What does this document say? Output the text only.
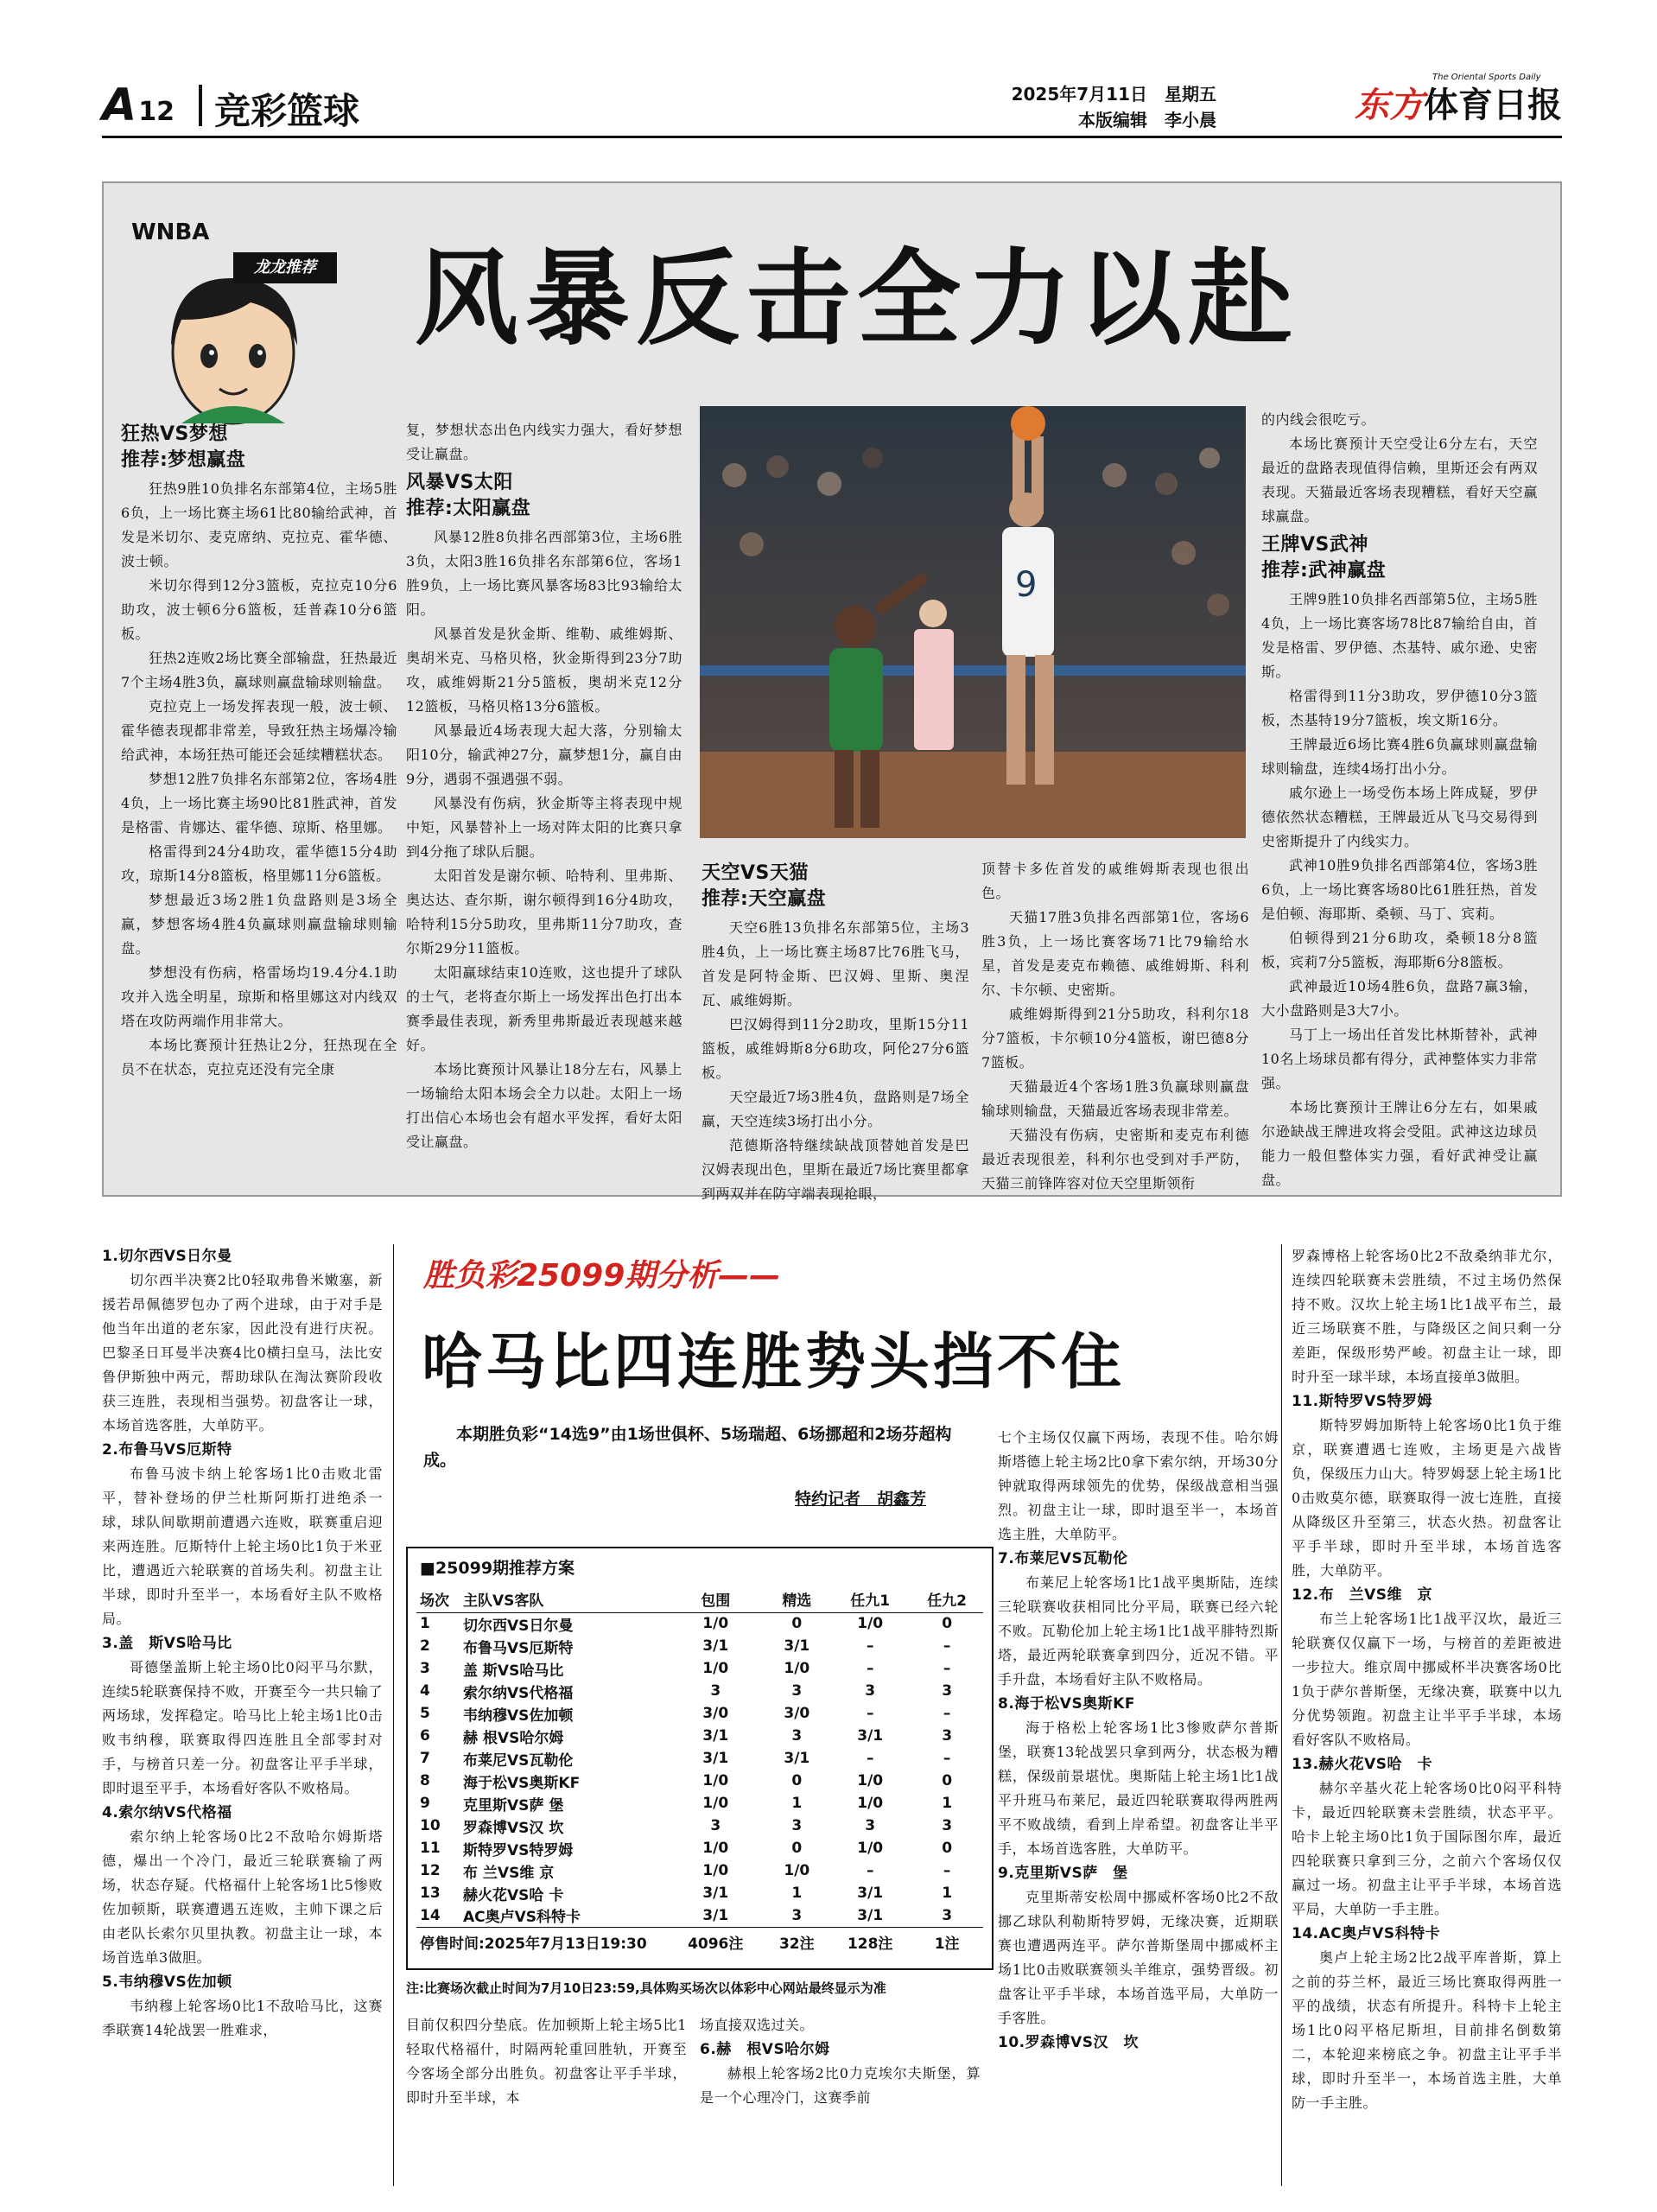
A12 竞彩篮球	2025年7月11日　星期五
本版编辑　李小晨
The Oriental Sports Daily
东方体育日报
WNBA
龙龙推荐 风暴反击全力以赴
狂热VS梦想
推荐:梦想赢盘

狂热9胜10负排名东部第4位，主场5胜6负，上一场比赛主场61比80输给武神，首发是米切尔、麦克席纳、克拉克、霍华德、波士顿。

米切尔得到12分3篮板，克拉克10分6助攻，波士顿6分6篮板，廷普森10分6篮板。

狂热2连败2场比赛全部输盘，狂热最近7个主场4胜3负，赢球则赢盘输球则输盘。

克拉克上一场发挥表现一般，波士顿、霍华德表现都非常差，导致狂热主场爆冷输给武神，本场狂热可能还会延续糟糕状态。

梦想12胜7负排名东部第2位，客场4胜4负，上一场比赛主场90比81胜武神，首发是格雷、肯娜达、霍华德、琼斯、格里娜。

格雷得到24分4助攻，霍华德15分4助攻，琼斯14分8篮板，格里娜11分6篮板。

梦想最近3场2胜1负盘路则是3场全赢，梦想客场4胜4负赢球则赢盘输球则输盘。

梦想没有伤病，格雷场均19.4分4.1助攻并入选全明星，琼斯和格里娜这对内线双塔在攻防两端作用非常大。

本场比赛预计狂热让2分，狂热现在全员不在状态，克拉克还没有完全康

复，梦想状态出色内线实力强大，看好梦想受让赢盘。

风暴VS太阳
推荐:太阳赢盘

风暴12胜8负排名西部第3位，主场6胜3负，太阳3胜16负排名东部第6位，客场1胜9负，上一场比赛风暴客场83比93输给太阳。

风暴首发是狄金斯、维勒、戚维姆斯、奥胡米克、马格贝格，狄金斯得到23分7助攻，戚维姆斯21分5篮板，奥胡米克12分12篮板，马格贝格13分6篮板。

风暴最近4场表现大起大落，分别输太阳10分，输武神27分，赢梦想1分，赢自由9分，遇弱不强遇强不弱。

风暴没有伤病，狄金斯等主将表现中规中矩，风暴替补上一场对阵太阳的比赛只拿到4分拖了球队后腿。

太阳首发是谢尔顿、哈特利、里弗斯、奥达达、查尔斯，谢尔顿得到16分4助攻，哈特利15分5助攻，里弗斯11分7助攻，查尔斯29分11篮板。

太阳赢球结束10连败，这也提升了球队的士气，老将查尔斯上一场发挥出色打出本赛季最佳表现，新秀里弗斯最近表现越来越好。

本场比赛预计风暴让18分左右，风暴上一场输给太阳本场会全力以赴。太阳上一场打出信心本场也会有超水平发挥，看好太阳受让赢盘。

天空VS天猫
推荐:天空赢盘

天空6胜13负排名东部第5位，主场3胜4负，上一场比赛主场87比76胜飞马，首发是阿特金斯、巴汉姆、里斯、奥涅瓦、戚维姆斯。

巴汉姆得到11分2助攻，里斯15分11篮板，戚维姆斯8分6助攻，阿伦27分6篮板。

天空最近7场3胜4负，盘路则是7场全赢，天空连续3场打出小分。

范德斯洛特继续缺战顶替她首发是巴汉姆表现出色，里斯在最近7场比赛里都拿到两双并在防守端表现抢眼，

顶替卡多佐首发的戚维姆斯表现也很出色。

天猫17胜3负排名西部第1位，客场6胜3负，上一场比赛客场71比79输给水星，首发是麦克布赖德、戚维姆斯、科利尔、卡尔顿、史密斯。

戚维姆斯得到21分5助攻，科利尔18分7篮板，卡尔顿10分4篮板，谢巴德8分7篮板。

天猫最近4个客场1胜3负赢球则赢盘输球则输盘，天猫最近客场表现非常差。

天猫没有伤病，史密斯和麦克布利德最近表现很差，科利尔也受到对手严防，天猫三前锋阵容对位天空里斯领衔

的内线会很吃亏。

本场比赛预计天空受让6分左右，天空最近的盘路表现值得信赖，里斯还会有两双表现。天猫最近客场表现糟糕，看好天空赢球赢盘。

王牌VS武神
推荐:武神赢盘

王牌9胜10负排名西部第5位，主场5胜4负，上一场比赛客场78比87输给自由，首发是格雷、罗伊德、杰基特、戚尔逊、史密斯。

格雷得到11分3助攻，罗伊德10分3篮板，杰基特19分7篮板，埃文斯16分。

王牌最近6场比赛4胜6负赢球则赢盘输球则输盘，连续4场打出小分。

戚尔逊上一场受伤本场上阵成疑，罗伊德依然状态糟糕，王牌最近从飞马交易得到史密斯提升了内线实力。

武神10胜9负排名西部第4位，客场3胜6负，上一场比赛客场80比61胜狂热，首发是伯顿、海耶斯、桑顿、马丁、宾莉。

伯顿得到21分6助攻，桑顿18分8篮板，宾莉7分5篮板，海耶斯6分8篮板。

武神最近10场4胜6负，盘路7赢3输，大小盘路则是3大7小。

马丁上一场出任首发比林斯替补，武神10名上场球员都有得分，武神整体实力非常强。

本场比赛预计王牌让6分左右，如果戚尔逊缺战王牌进攻将会受阻。武神这边球员能力一般但整体实力强，看好武神受让赢盘。

9
1.切尔西VS日尔曼

切尔西半决赛2比0轻取弗鲁米嫩塞，新援若昂佩德罗包办了两个进球，由于对手是他当年出道的老东家，因此没有进行庆祝。巴黎圣日耳曼半决赛4比0横扫皇马，法比安鲁伊斯独中两元，帮助球队在淘汰赛阶段收获三连胜，表现相当强势。初盘客让一球，本场首选客胜，大单防平。

2.布鲁马VS厄斯特

布鲁马波卡纳上轮客场1比0击败北雷平，替补登场的伊兰杜斯阿斯打进绝杀一球，球队间歇期前遭遇六连败，联赛重启迎来两连胜。厄斯特什上轮主场0比1负于米亚比，遭遇近六轮联赛的首场失利。初盘主让半球，即时升至半一，本场看好主队不败格局。

3.盖　斯VS哈马比

哥德堡盖斯上轮主场0比0闷平马尔默，连续5轮联赛保持不败，开赛至今一共只输了两场球，发挥稳定。哈马比上轮主场1比0击败韦纳穆，联赛取得四连胜且全部零封对手，与榜首只差一分。初盘客让平手半球，即时退至平手，本场看好客队不败格局。

4.索尔纳VS代格福

索尔纳上轮客场0比2不敌哈尔姆斯塔德，爆出一个冷门，最近三轮联赛输了两场，状态存疑。代格福什上轮客场1比5惨败佐加顿斯，联赛遭遇五连败，主帅下课之后由老队长索尔贝里执教。初盘主让一球，本场首选单3做胆。

5.韦纳穆VS佐加顿

韦纳穆上轮客场0比1不敌哈马比，这赛季联赛14轮战罢一胜难求，

胜负彩25099期分析——
哈马比四连胜势头挡不住
本期胜负彩“14选9”由1场世俱杯、5场瑞超、6场挪超和2场芬超构成。
特约记者　胡鑫芳
■25099期推荐方案
场次	主队VS客队	包围	精选	任九1	任九2
1	切尔西VS日尔曼	1/0	0	1/0	0
2	布鲁马VS厄斯特	3/1	3/1	–	–
3	盖 斯VS哈马比	1/0	1/0	–	–
4	索尔纳VS代格福	3	3	3	3
5	韦纳穆VS佐加顿	3/0	3/0	–	–
6	赫 根VS哈尔姆	3/1	3	3/1	3
7	布莱尼VS瓦勒伦	3/1	3/1	–	–
8	海于松VS奥斯KF	1/0	0	1/0	0
9	克里斯VS萨 堡	1/0	1	1/0	1
10	罗森博VS汉 坎	3	3	3	3
11	斯特罗VS特罗姆	1/0	0	1/0	0
12	布 兰VS维 京	1/0	1/0	–	–
13	赫火花VS哈 卡	3/1	1	3/1	1
14	AC奥卢VS科特卡	3/1	3	3/1	3
停售时间:2025年7月13日19:30		4096注	32注	128注	1注
注:比赛场次截止时间为7月10日23:59,具体购买场次以体彩中心网站最终显示为准

目前仅积四分垫底。佐加顿斯上轮主场5比1轻取代格福什，时隔两轮重回胜轨，开赛至今客场全部分出胜负。初盘客让平手半球，即时升至半球，本

场直接双选过关。

6.赫　根VS哈尔姆

赫根上轮客场2比0力克埃尔夫斯堡，算是一个心理冷门，这赛季前

七个主场仅仅赢下两场，表现不佳。哈尔姆斯塔德上轮主场2比0拿下索尔纳，开场30分钟就取得两球领先的优势，保级战意相当强烈。初盘主让一球，即时退至半一，本场首选主胜，大单防平。

7.布莱尼VS瓦勒伦

布莱尼上轮客场1比1战平奥斯陆，连续三轮联赛收获相同比分平局，联赛已经六轮不败。瓦勒伦加上轮主场1比1战平腓特烈斯塔，最近两轮联赛拿到四分，近况不错。平手升盘，本场看好主队不败格局。

8.海于松VS奥斯KF

海于格松上轮客场1比3惨败萨尔普斯堡，联赛13轮战罢只拿到两分，状态极为糟糕，保级前景堪忧。奥斯陆上轮主场1比1战平升班马布莱尼，最近四轮联赛取得两胜两平不败战绩，看到上岸希望。初盘客让半平手，本场首选客胜，大单防平。

9.克里斯VS萨　堡

克里斯蒂安松周中挪威杯客场0比2不敌挪乙球队利勒斯特罗姆，无缘决赛，近期联赛也遭遇两连平。萨尔普斯堡周中挪威杯主场1比0击败联赛领头羊维京，强势晋级。初盘客让平手半球，本场首选平局，大单防一手客胜。

10.罗森博VS汉　坎

罗森博格上轮客场0比2不敌桑纳菲尤尔，连续四轮联赛未尝胜绩，不过主场仍然保持不败。汉坎上轮主场1比1战平布兰，最近三场联赛不胜，与降级区之间只剩一分差距，保级形势严峻。初盘主让一球，即时升至一球半球，本场直接单3做胆。

11.斯特罗VS特罗姆

斯特罗姆加斯特上轮客场0比1负于维京，联赛遭遇七连败，主场更是六战皆负，保级压力山大。特罗姆瑟上轮主场1比0击败莫尔德，联赛取得一波七连胜，直接从降级区升至第三，状态火热。初盘客让平手半球，即时升至半球，本场首选客胜，大单防平。

12.布　兰VS维　京

布兰上轮客场1比1战平汉坎，最近三轮联赛仅仅赢下一场，与榜首的差距被进一步拉大。维京周中挪威杯半决赛客场0比1负于萨尔普斯堡，无缘决赛，联赛中以九分优势领跑。初盘主让半平手半球，本场看好客队不败格局。

13.赫火花VS哈　卡

赫尔辛基火花上轮客场0比0闷平科特卡，最近四轮联赛未尝胜绩，状态平平。哈卡上轮主场0比1负于国际图尔库，最近四轮联赛只拿到三分，之前六个客场仅仅赢过一场。初盘主让平手半球，本场首选平局，大单防一手主胜。

14.AC奥卢VS科特卡

奥卢上轮主场2比2战平库普斯，算上之前的芬兰杯，最近三场比赛取得两胜一平的战绩，状态有所提升。科特卡上轮主场1比0闷平格尼斯坦，目前排名倒数第二，本轮迎来榜底之争。初盘主让平手半球，即时升至半一，本场首选主胜，大单防一手主胜。
